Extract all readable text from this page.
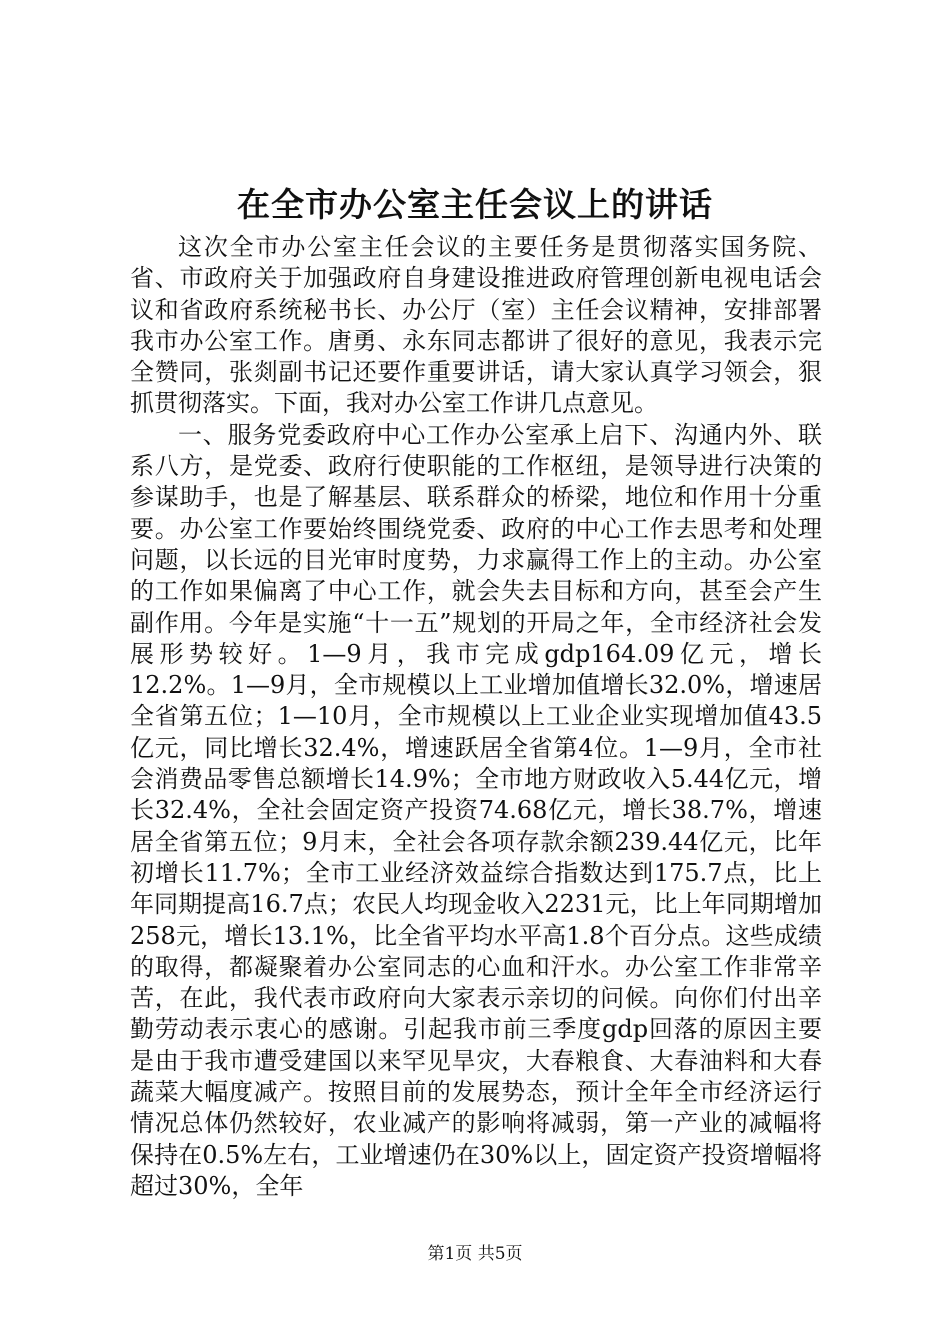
在全市办公室主任会议上的讲话

这次全市办公室主任会议的主要任务是贯彻落实国务院、省、市政府关于加强政府自身建设推进政府管理创新电视电话会议和省政府系统秘书长、办公厅（室）主任会议精神，安排部署我市办公室工作。唐勇、永东同志都讲了很好的意见，我表示完全赞同，张剡副书记还要作重要讲话，请大家认真学习领会，狠抓贯彻落实。下面，我对办公室工作讲几点意见。

一、服务党委政府中心工作办公室承上启下、沟通内外、联系八方，是党委、政府行使职能的工作枢纽，是领导进行决策的参谋助手，也是了解基层、联系群众的桥梁，地位和作用十分重要。办公室工作要始终围绕党委、政府的中心工作去思考和处理问题，以长远的目光审时度势，力求赢得工作上的主动。办公室的工作如果偏离了中心工作，就会失去目标和方向，甚至会产生副作用。今年是实施“十一五”规划的开局之年，全市经济社会发展形势较好。1—9月，我市完成gdp164.09亿元，增长12.2%。1—9月，全市规模以上工业增加值增长32.0%，增速居全省第五位；1—10月，全市规模以上工业企业实现增加值43.5亿元，同比增长32.4%，增速跃居全省第4位。1—9月，全市社会消费品零售总额增长14.9%；全市地方财政收入5.44亿元，增长32.4%，全社会固定资产投资74.68亿元，增长38.7%，增速居全省第五位；9月末，全社会各项存款余额239.44亿元，比年初增长11.7%；全市工业经济效益综合指数达到175.7点，比上年同期提高16.7点；农民人均现金收入2231元，比上年同期增加258元，增长13.1%，比全省平均水平高1.8个百分点。这些成绩的取得，都凝聚着办公室同志的心血和汗水。办公室工作非常辛苦，在此，我代表市政府向大家表示亲切的问候。向你们付出辛勤劳动表示衷心的感谢。引起我市前三季度gdp回落的原因主要是由于我市遭受建国以来罕见旱灾，大春粮食、大春油料和大春蔬菜大幅度减产。按照目前的发展势态，预计全年全市经济运行情况总体仍然较好，农业减产的影响将减弱，第一产业的减幅将保持在0.5%左右，工业增速仍在30%以上，固定资产投资增幅将超过30%，全年

第1页 共5页
